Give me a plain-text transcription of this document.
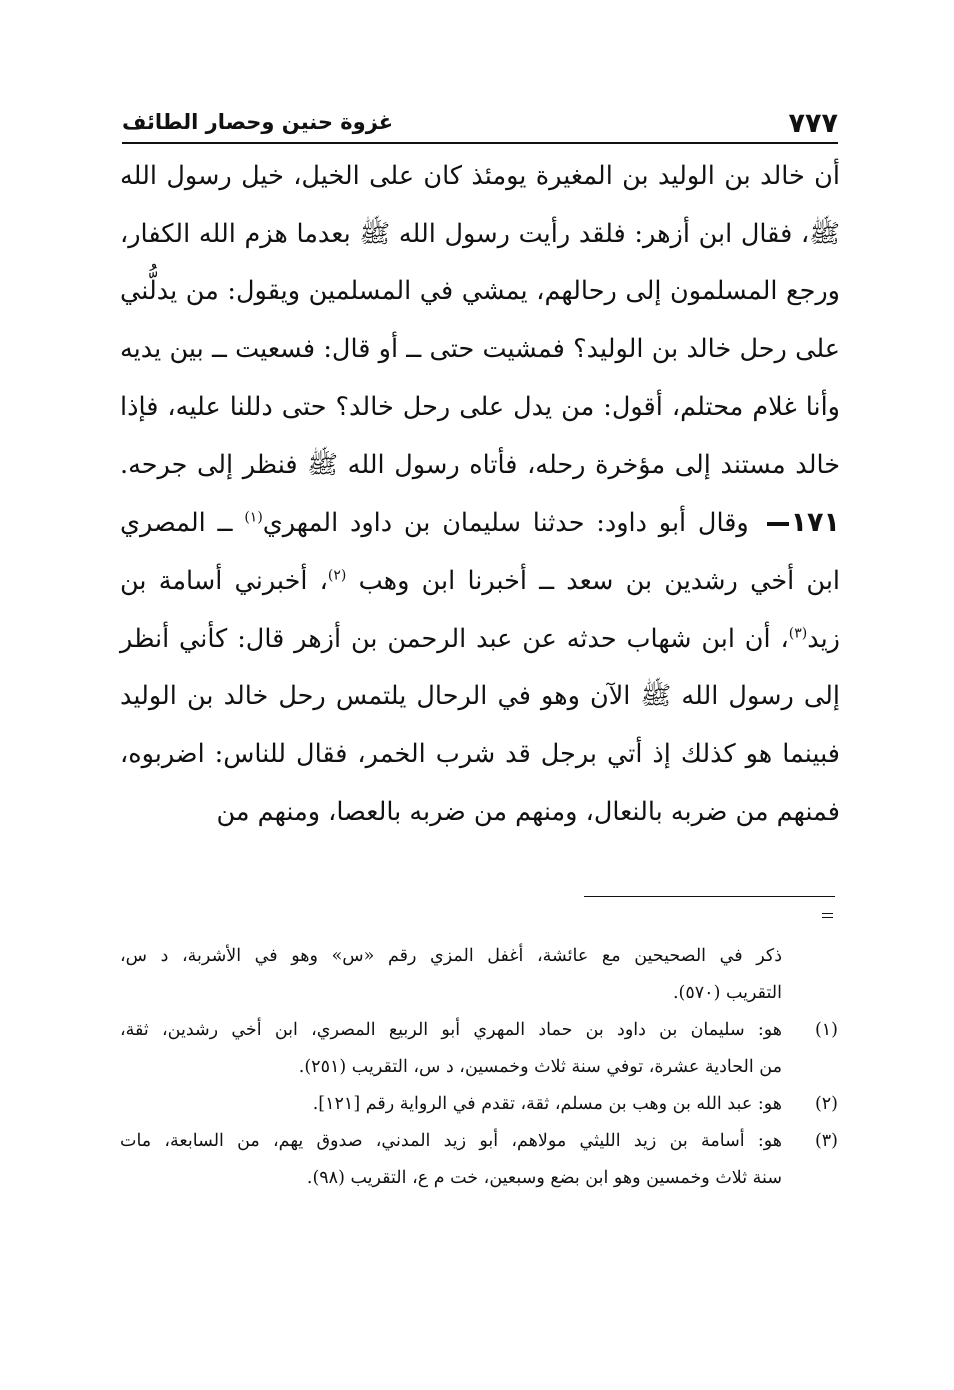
٧٧٧
غزوة حنين وحصار الطائف

أن خالد بن الوليد بن المغيرة يومئذ كان على الخيل، خيل رسول الله ﷺ، فقال ابن أزهر: فلقد رأيت رسول الله ﷺ بعدما هزم الله الكفار، ورجع المسلمون إلى رحالهم، يمشي في المسلمين ويقول: من يدلُّني على رحل خالد بن الوليد؟ فمشيت حتى ــ أو قال: فسعيت ــ بين يديه وأنا غلام محتلم، أقول: من يدل على رحل خالد؟ حتى دللنا عليه، فإذا خالد مستند إلى مؤخرة رحله، فأتاه رسول الله ﷺ فنظر إلى جرحه.

١٧١ وقال أبو داود: حدثنا سليمان بن داود المهري$^{(١)}$ ــ المصري ابن أخي رشدين بن سعد ــ أخبرنا ابن وهب $^{(٢)}$، أخبرني أسامة بن زيد$^{(٣)}$، أن ابن شهاب حدثه عن عبد الرحمن بن أزهر قال: كأني أنظر إلى رسول الله ﷺ الآن وهو في الرحال يلتمس رحل خالد بن الوليد فبينما هو كذلك إذ أتي برجل قد شرب الخمر، فقال للناس: اضربوه، فمنهم من ضربه بالنعال، ومنهم من ضربه بالعصا، ومنهم من

ذكر في الصحيحين مع عائشة، أغفل المزي رقم «س» وهو في الأشربة، د س،
التقريب (٥٧٠).
(١)
هو: سليمان بن داود بن حماد المهري أبو الربيع المصري، ابن أخي رشدين، ثقة،
من الحادية عشرة، توفي سنة ثلاث وخمسين، د س، التقريب (٢٥١).
(٢)
هو: عبد الله بن وهب بن مسلم، ثقة، تقدم في الرواية رقم [١٢١].
(٣)
هو: أسامة بن زيد الليثي مولاهم، أبو زيد المدني، صدوق يهم، من السابعة، مات
سنة ثلاث وخمسين وهو ابن بضع وسبعين، خت م ع، التقريب (٩٨).
